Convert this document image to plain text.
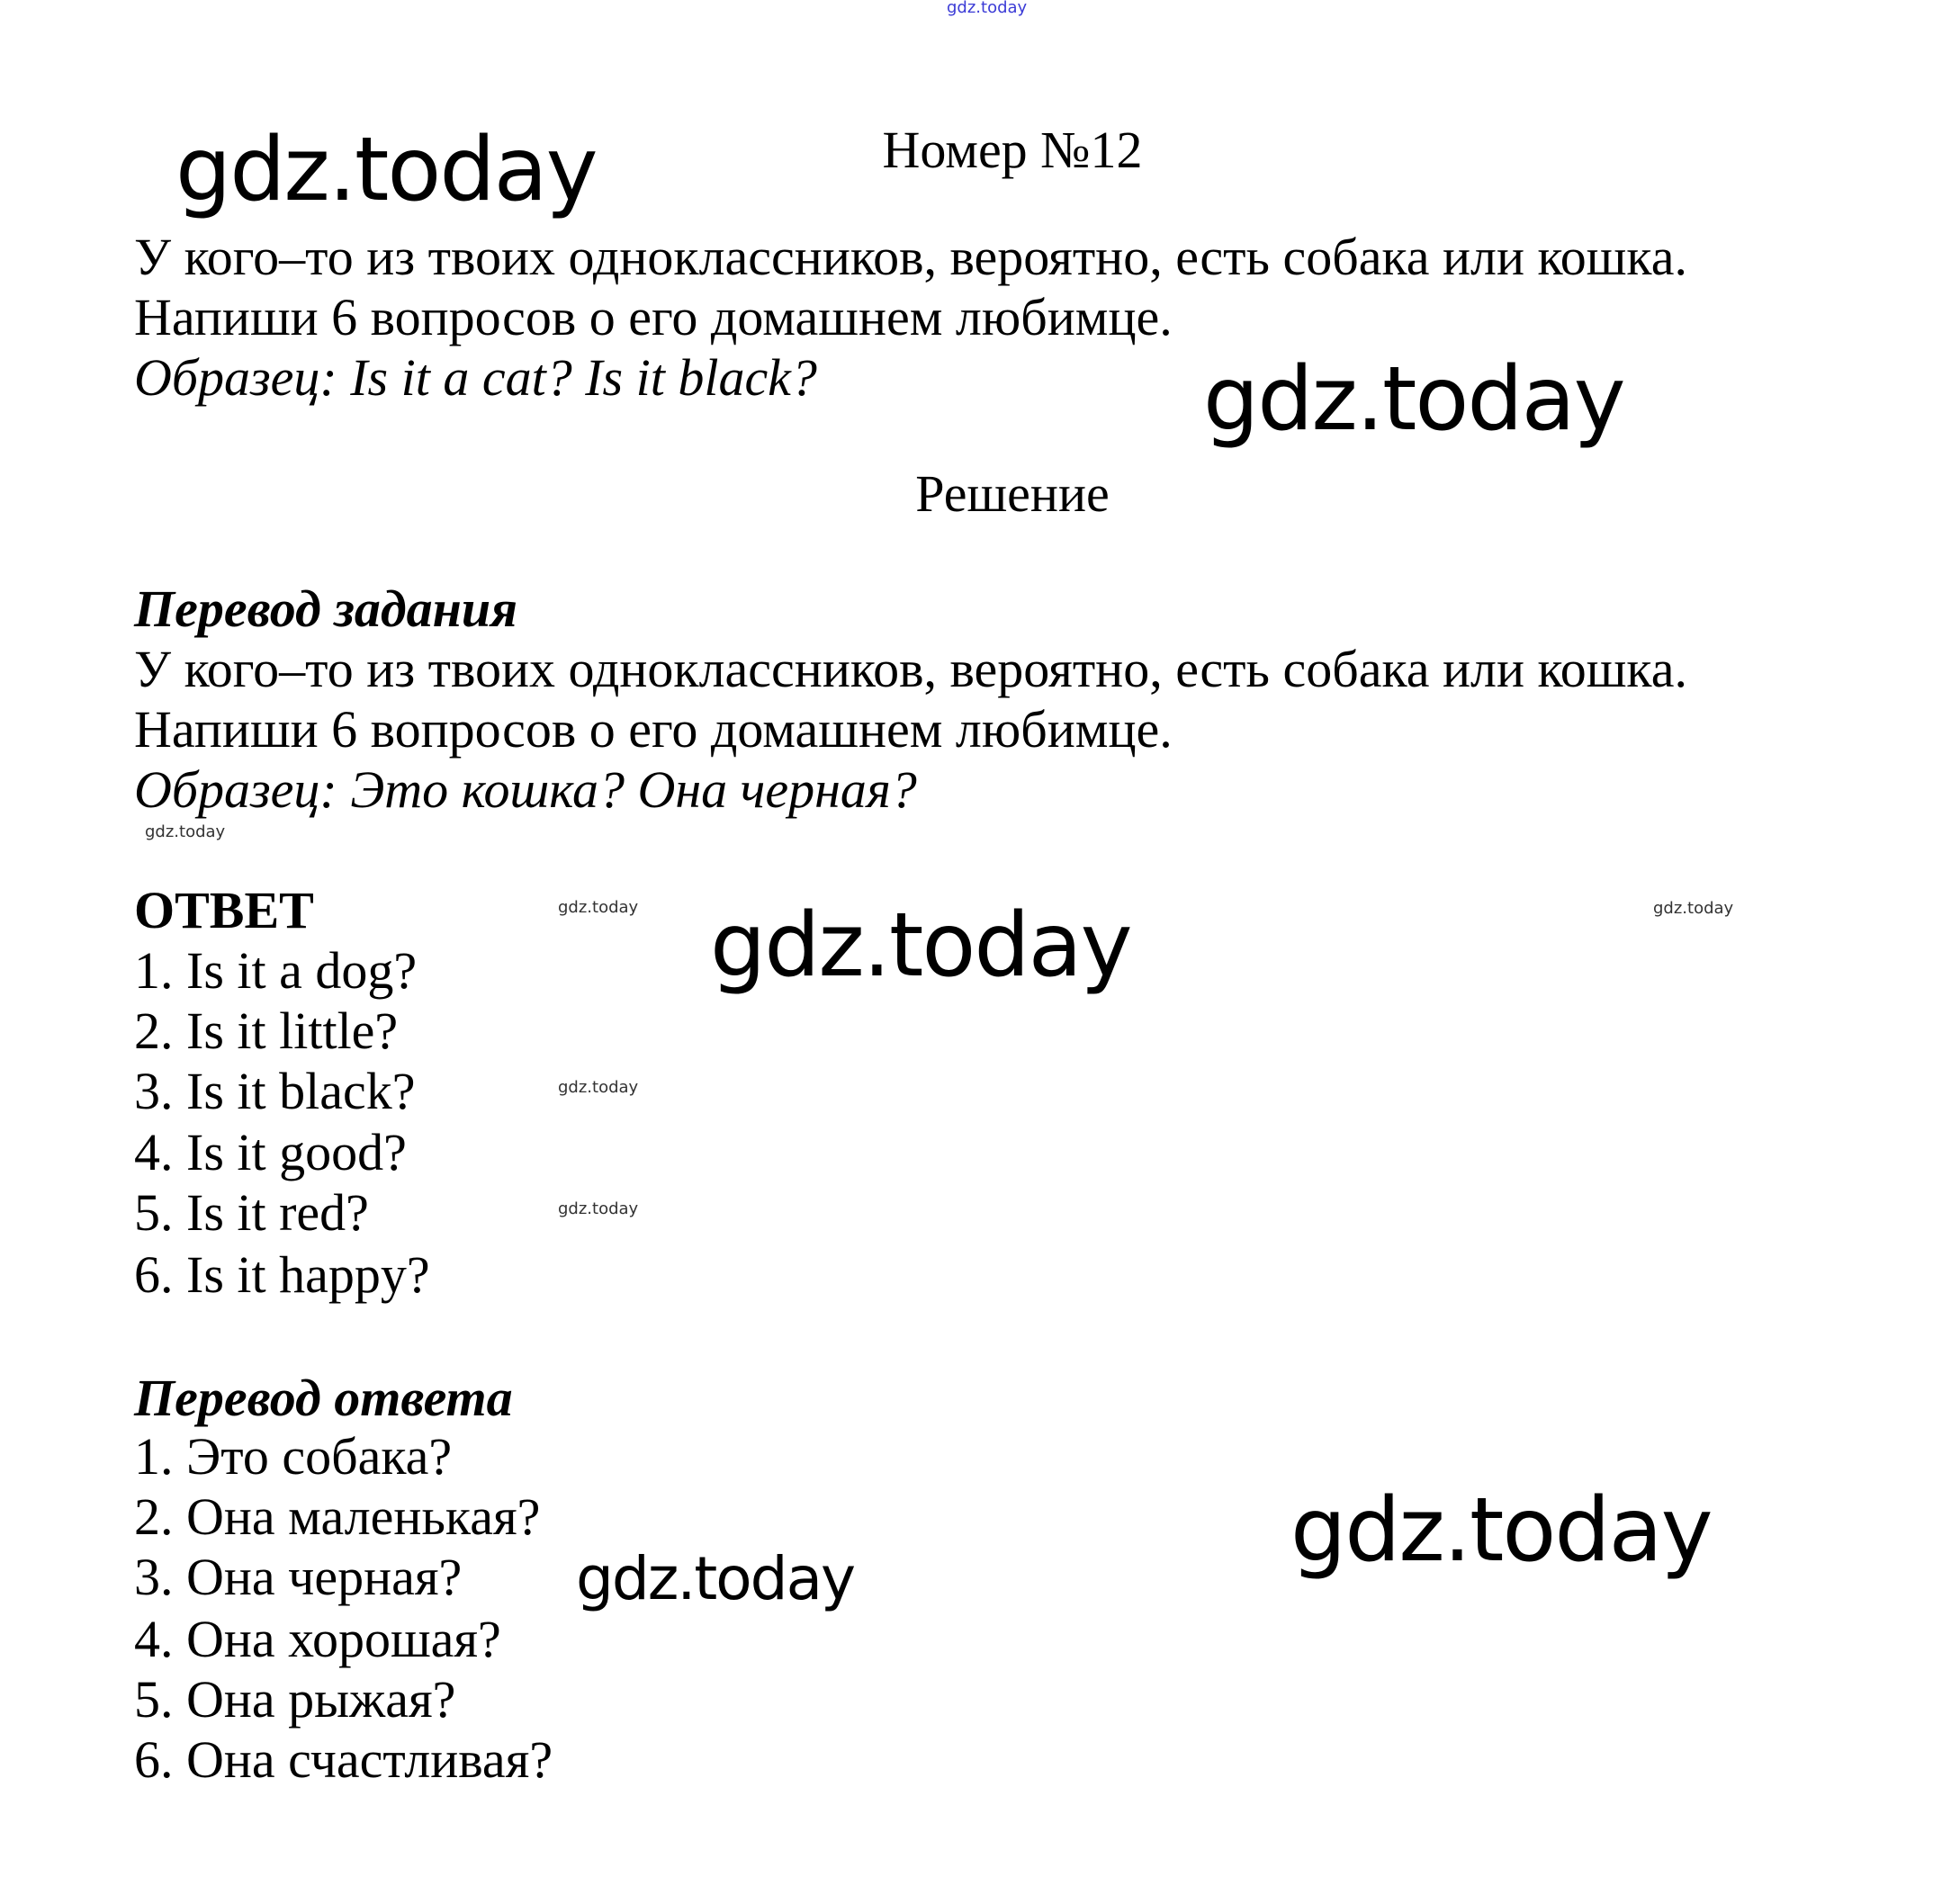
gdz.today
Номер №12
У кого–то из твоих одноклассников, вероятно, есть собака или кошка.
Напиши 6 вопросов о его домашнем любимце.
Образец: Is it a cat? Is it black?
Решение
Перевод задания
У кого–то из твоих одноклассников, вероятно, есть собака или кошка.
Напиши 6 вопросов о его домашнем любимце.
Образец: Это кошка? Она черная?
ОТВЕТ
1. Is it a dog?
2. Is it little?
3. Is it black?
4. Is it good?
5. Is it red?
6. Is it happy?
Перевод ответа
1. Это собака?
2. Она маленькая?
3. Она черная?
4. Она хорошая?
5. Она рыжая?
6. Она счастливая?
gdz.today
gdz.today
gdz.today
gdz.today
gdz.today
gdz.today
gdz.today
gdz.today
gdz.today
gdz.today
